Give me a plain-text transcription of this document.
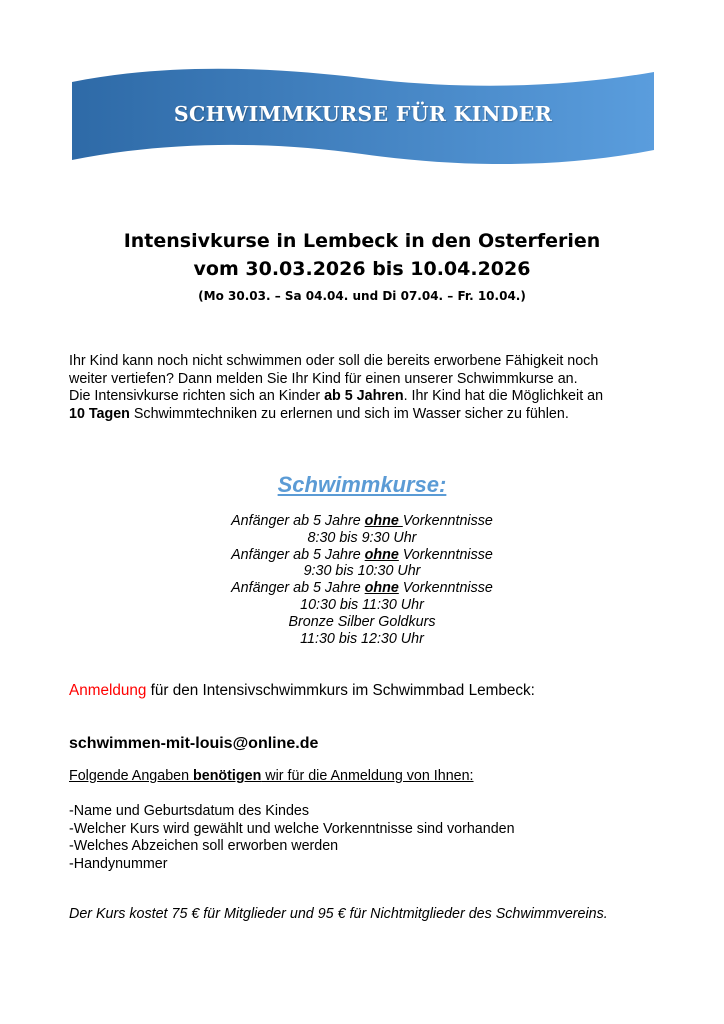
SCHWIMMKURSE FÜR KINDER
Intensivkurse in Lembeck in den Osterferien
vom 30.03.2026 bis 10.04.2026
(Mo 30.03. – Sa 04.04. und Di 07.04. – Fr. 10.04.)
Ihr Kind kann noch nicht schwimmen oder soll die bereits erworbene Fähigkeit noch
weiter vertiefen? Dann melden Sie Ihr Kind für einen unserer Schwimmkurse an.
Die Intensivkurse richten sich an Kinder ab 5 Jahren. Ihr Kind hat die Möglichkeit an
10 Tagen Schwimmtechniken zu erlernen und sich im Wasser sicher zu fühlen.
Schwimmkurse:
Anfänger ab 5 Jahre ohne Vorkenntnisse
8:30 bis 9:30 Uhr
Anfänger ab 5 Jahre ohne Vorkenntnisse
9:30 bis 10:30 Uhr
Anfänger ab 5 Jahre ohne Vorkenntnisse
10:30 bis 11:30 Uhr
Bronze Silber Goldkurs
11:30 bis 12:30 Uhr
Anmeldung für den Intensivschwimmkurs im Schwimmbad Lembeck:
schwimmen-mit-louis@online.de
Folgende Angaben benötigen wir für die Anmeldung von Ihnen:
-Name und Geburtsdatum des Kindes
-Welcher Kurs wird gewählt und welche Vorkenntnisse sind vorhanden
-Welches Abzeichen soll erworben werden
-Handynummer
Der Kurs kostet 75 € für Mitglieder und 95 € für Nichtmitglieder des Schwimmvereins.
